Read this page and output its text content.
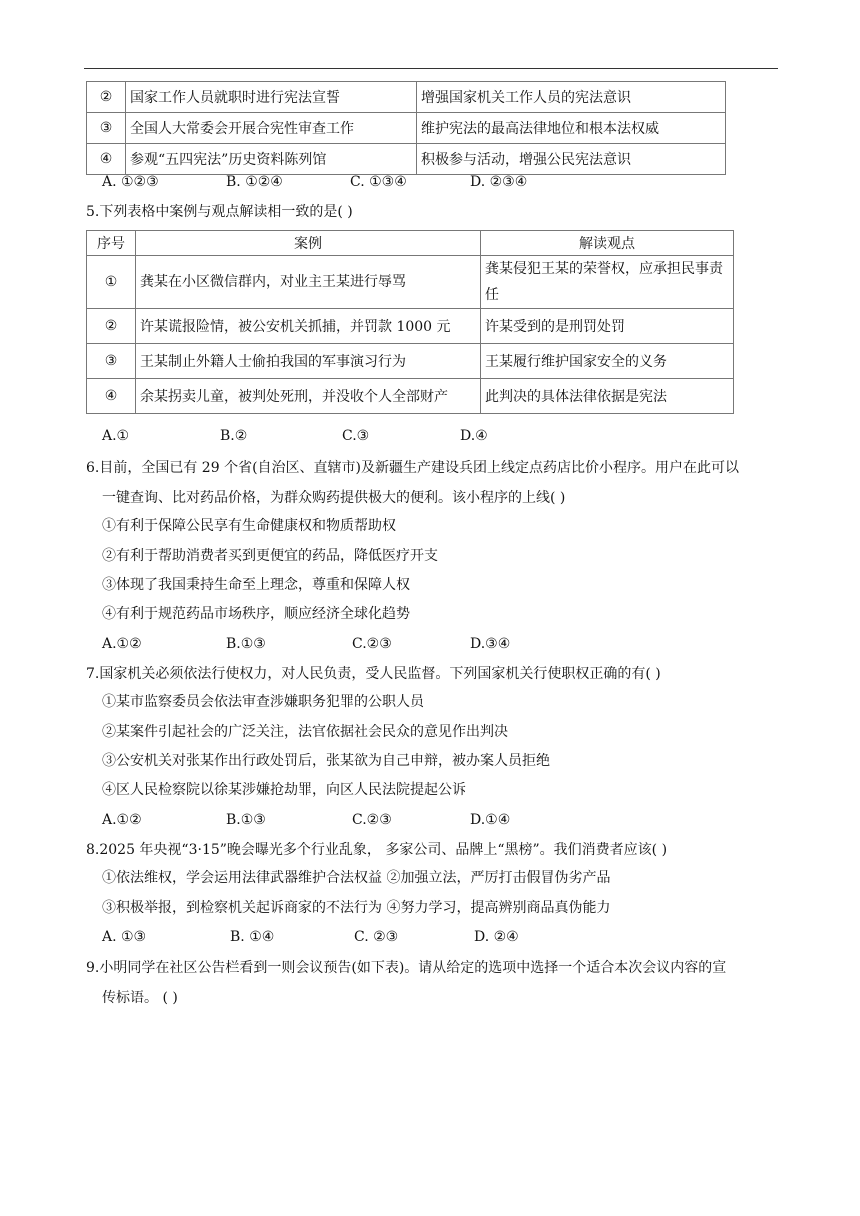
②	国家工作人员就职时进行宪法宣誓	增强国家机关工作人员的宪法意识
③	全国人大常委会开展合宪性审查工作	维护宪法的最高法律地位和根本法权威
④	参观“五四宪法”历史资料陈列馆	积极参与活动，增强公民宪法意识
A. ①②③	B. ①②④	C. ①③④	D. ②③④
5.下列表格中案例与观点解读相一致的是( )
序号	案例	解读观点
①	龚某在小区微信群内，对业主王某进行辱骂	龚某侵犯王某的荣誉权，应承担民事责任
②	许某谎报险情，被公安机关抓捕，并罚款 1000 元	许某受到的是刑罚处罚
③	王某制止外籍人士偷拍我国的军事演习行为	王某履行维护国家安全的义务
④	余某拐卖儿童，被判处死刑，并没收个人全部财产	此判决的具体法律依据是宪法
A.①	B.②	C.③	D.④
6.目前，全国已有 29 个省(自治区、直辖市)及新疆生产建设兵团上线定点药店比价小程序。用户在此可以
一键查询、比对药品价格，为群众购药提供极大的便利。该小程序的上线( )
①有利于保障公民享有生命健康权和物质帮助权
②有利于帮助消费者买到更便宜的药品，降低医疗开支
③体现了我国秉持生命至上理念，尊重和保障人权
④有利于规范药品市场秩序，顺应经济全球化趋势
A.①②	B.①③	C.②③	D.③④
7.国家机关必须依法行使权力，对人民负责，受人民监督。下列国家机关行使职权正确的有( )
①某市监察委员会依法审查涉嫌职务犯罪的公职人员
②某案件引起社会的广泛关注，法官依据社会民众的意见作出判决
③公安机关对张某作出行政处罚后，张某欲为自己申辩，被办案人员拒绝
④区人民检察院以徐某涉嫌抢劫罪，向区人民法院提起公诉
A.①②	B.①③	C.②③	D.①④
8.2025 年央视“3·15”晚会曝光多个行业乱象， 多家公司、品牌上“黑榜”。我们消费者应该( )
①依法维权，学会运用法律武器维护合法权益 ②加强立法，严厉打击假冒伪劣产品
③积极举报，到检察机关起诉商家的不法行为 ④努力学习，提高辨别商品真伪能力
A. ①③	B. ①④	C. ②③	D. ②④
9.小明同学在社区公告栏看到一则会议预告(如下表)。请从给定的选项中选择一个适合本次会议内容的宣
传标语。 ( )
